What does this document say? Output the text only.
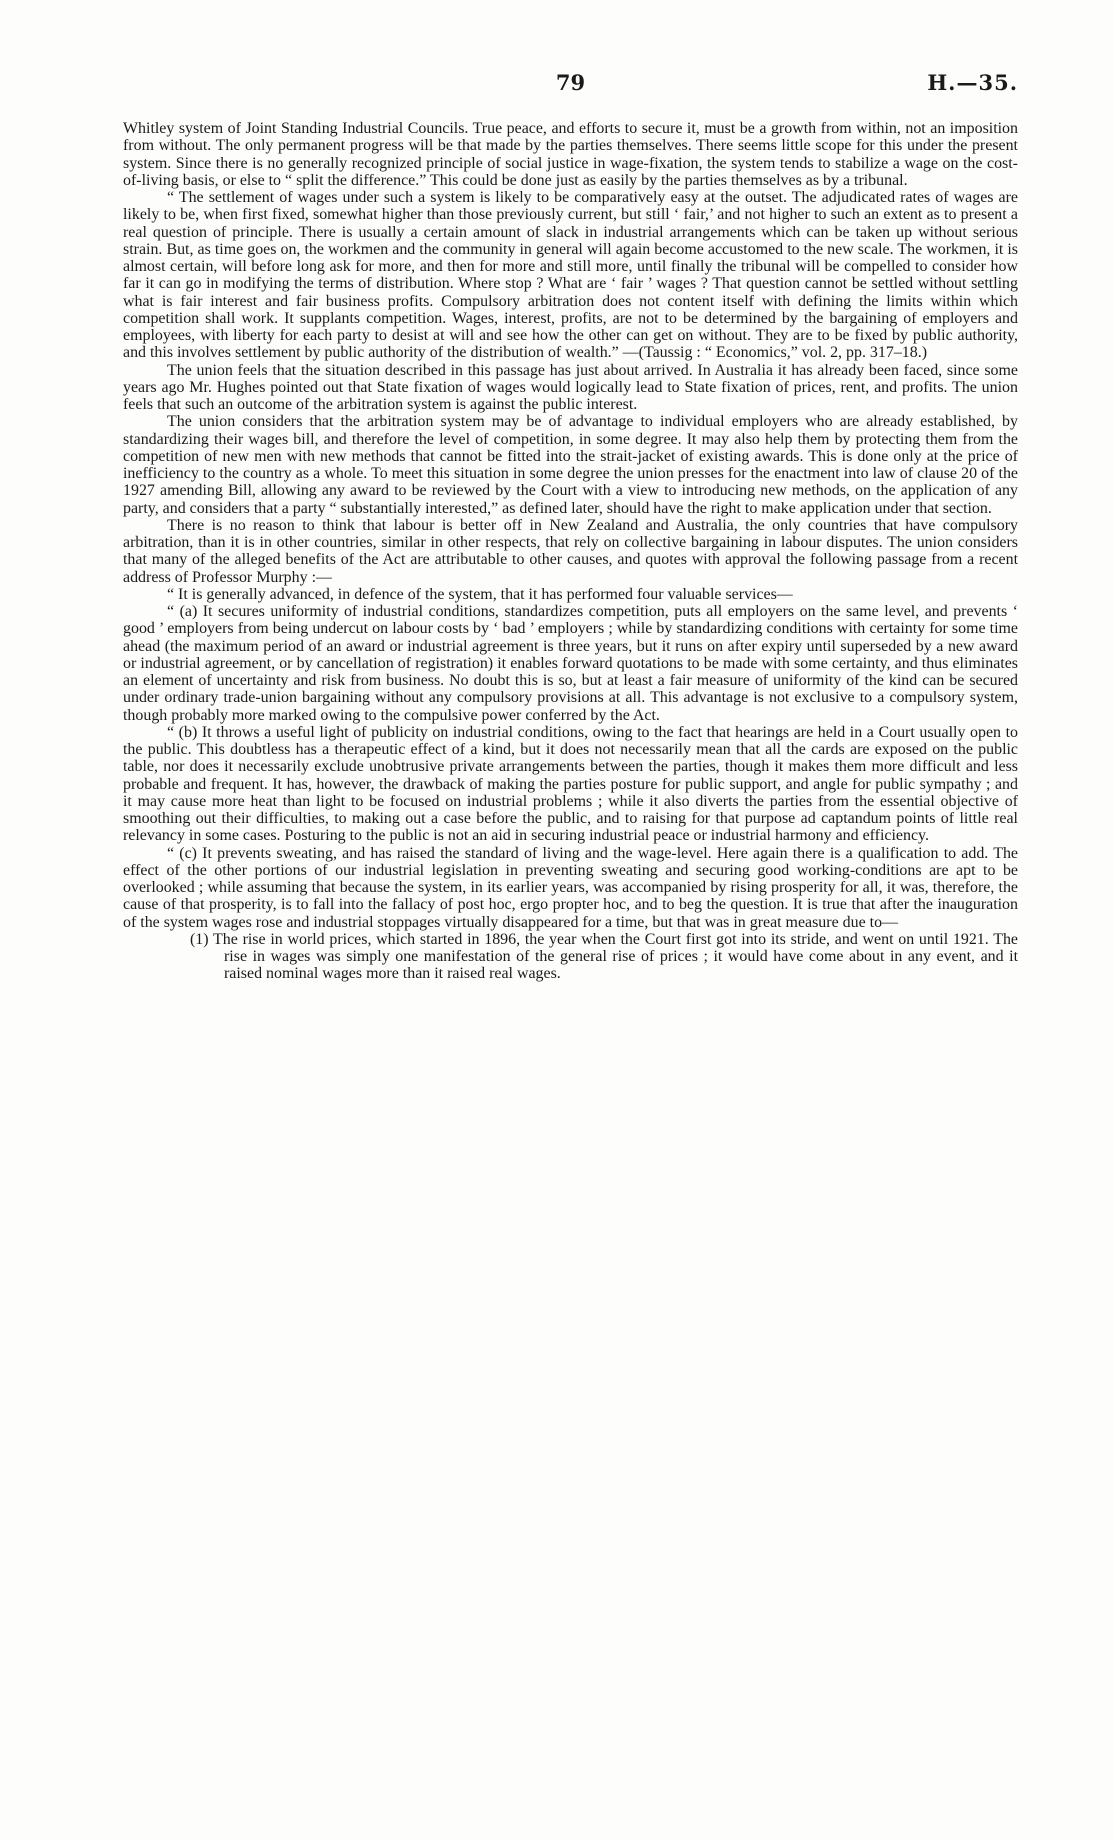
79	H.—35.

Whitley system of Joint Standing Industrial Councils. True peace, and efforts to secure it, must be a growth from within, not an imposition from without. The only permanent progress will be that made by the parties themselves. There seems little scope for this under the present system. Since there is no generally recognized principle of social justice in wage-fixation, the system tends to stabilize a wage on the cost-of-living basis, or else to “ split the difference.” This could be done just as easily by the parties themselves as by a tribunal.

“ The settlement of wages under such a system is likely to be comparatively easy at the outset. The adjudicated rates of wages are likely to be, when first fixed, somewhat higher than those previously current, but still ‘ fair,’ and not higher to such an extent as to present a real question of principle. There is usually a certain amount of slack in industrial arrangements which can be taken up without serious strain. But, as time goes on, the workmen and the community in general will again become accustomed to the new scale. The workmen, it is almost certain, will before long ask for more, and then for more and still more, until finally the tribunal will be compelled to consider how far it can go in modifying the terms of distribution. Where stop ? What are ‘ fair ’ wages ? That question cannot be settled without settling what is fair interest and fair business profits. Compulsory arbitration does not content itself with defining the limits within which competition shall work. It supplants competition. Wages, interest, profits, are not to be determined by the bargaining of employers and employees, with liberty for each party to desist at will and see how the other can get on without. They are to be fixed by public authority, and this involves settlement by public authority of the distribution of wealth.” —(Taussig : “ Economics,” vol. 2, pp. 317–18.)

The union feels that the situation described in this passage has just about arrived. In Australia it has already been faced, since some years ago Mr. Hughes pointed out that State fixation of wages would logically lead to State fixation of prices, rent, and profits. The union feels that such an outcome of the arbitration system is against the public interest.

The union considers that the arbitration system may be of advantage to individual employers who are already established, by standardizing their wages bill, and therefore the level of competition, in some degree. It may also help them by protecting them from the competition of new men with new methods that cannot be fitted into the strait-jacket of existing awards. This is done only at the price of inefficiency to the country as a whole. To meet this situation in some degree the union presses for the enactment into law of clause 20 of the 1927 amending Bill, allowing any award to be reviewed by the Court with a view to introducing new methods, on the application of any party, and considers that a party “ substantially interested,” as defined later, should have the right to make application under that section.

There is no reason to think that labour is better off in New Zealand and Australia, the only countries that have compulsory arbitration, than it is in other countries, similar in other respects, that rely on collective bargaining in labour disputes. The union considers that many of the alleged benefits of the Act are attributable to other causes, and quotes with approval the following passage from a recent address of Professor Murphy :—

“ It is generally advanced, in defence of the system, that it has performed four valuable services—

“ (a) It secures uniformity of industrial conditions, standardizes competition, puts all employers on the same level, and prevents ‘ good ’ employers from being undercut on labour costs by ‘ bad ’ employers ; while by standardizing conditions with certainty for some time ahead (the maximum period of an award or industrial agreement is three years, but it runs on after expiry until superseded by a new award or industrial agreement, or by cancellation of registration) it enables forward quotations to be made with some certainty, and thus eliminates an element of uncertainty and risk from business. No doubt this is so, but at least a fair measure of uniformity of the kind can be secured under ordinary trade-union bargaining without any compulsory provisions at all. This advantage is not exclusive to a compulsory system, though probably more marked owing to the compulsive power conferred by the Act.

“ (b) It throws a useful light of publicity on industrial conditions, owing to the fact that hearings are held in a Court usually open to the public. This doubtless has a therapeutic effect of a kind, but it does not necessarily mean that all the cards are exposed on the public table, nor does it necessarily exclude unobtrusive private arrangements between the parties, though it makes them more difficult and less probable and frequent. It has, however, the drawback of making the parties posture for public support, and angle for public sympathy ; and it may cause more heat than light to be focused on industrial problems ; while it also diverts the parties from the essential objective of smoothing out their difficulties, to making out a case before the public, and to raising for that purpose ad captandum points of little real relevancy in some cases. Posturing to the public is not an aid in securing industrial peace or industrial harmony and efficiency.

“ (c) It prevents sweating, and has raised the standard of living and the wage-level. Here again there is a qualification to add. The effect of the other portions of our industrial legislation in preventing sweating and securing good working-conditions are apt to be overlooked ; while assuming that because the system, in its earlier years, was accompanied by rising prosperity for all, it was, therefore, the cause of that prosperity, is to fall into the fallacy of post hoc, ergo propter hoc, and to beg the question. It is true that after the inauguration of the system wages rose and industrial stoppages virtually disappeared for a time, but that was in great measure due to—

(1) The rise in world prices, which started in 1896, the year when the Court first got into its stride, and went on until 1921. The rise in wages was simply one manifestation of the general rise of prices ; it would have come about in any event, and it raised nominal wages more than it raised real wages.
